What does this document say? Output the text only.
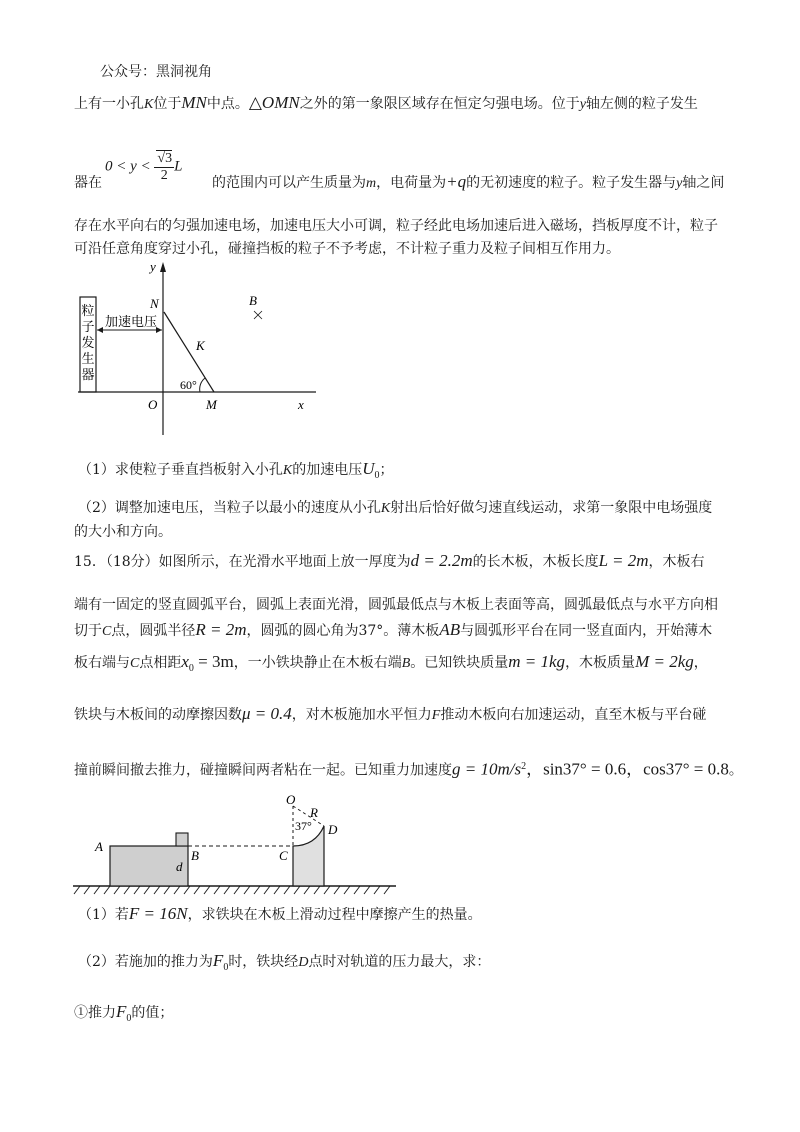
公众号：黑洞视角
上有一小孔K位于MN中点。△OMN之外的第一象限区域存在恒定匀强电场。位于y轴左侧的粒子发生
$0 < y < \frac{√3}{2}$ L
器在	的范围内可以产生质量为m，电荷量为+q的无初速度的粒子。粒子发生器与y轴之间
存在水平向右的匀强加速电场，加速电压大小可调，粒子经此电场加速后进入磁场，挡板厚度不计，粒子
可沿任意角度穿过小孔，碰撞挡板的粒子不予考虑，不计粒子重力及粒子间相互作用力。
粒
子
发
生
器
加速电压
y
x
O	M
N
K
60°
B
（1）求使粒子垂直挡板射入小孔K的加速电压$U_0$；
（2）调整加速电压，当粒子以最小的速度从小孔K射出后恰好做匀速直线运动，求第一象限中电场强度
的大小和方向。
15．（18分）如图所示，在光滑水平地面上放一厚度为d = 2.2m的长木板，木板长度L = 2m，木板右
端有一固定的竖直圆弧平台，圆弧上表面光滑，圆弧最低点与木板上表面等高，圆弧最低点与水平方向相
切于C点，圆弧半径R = 2m，圆弧的圆心角为37°。薄木板AB与圆弧形平台在同一竖直面内，开始薄木
板右端与C点相距$x_0 = 3m$，一小铁块静止在木板右端B。已知铁块质量m = 1kg，木板质量M = 2kg，
铁块与木板间的动摩擦因数μ = 0.4，对木板施加水平恒力F推动木板向右加速运动，直至木板与平台碰
撞前瞬间撤去推力，碰撞瞬间两者粘在一起。已知重力加速度$g = 10m/s^2$，sin37° = 0.6，cos37° = 0.8。
A
B	C
D
O
R
d
37°
（1）若F = 16N，求铁块在木板上滑动过程中摩擦产生的热量。
（2）若施加的推力为$F_0$时，铁块经D点时对轨道的压力最大，求：
①推力$F_0$的值；
